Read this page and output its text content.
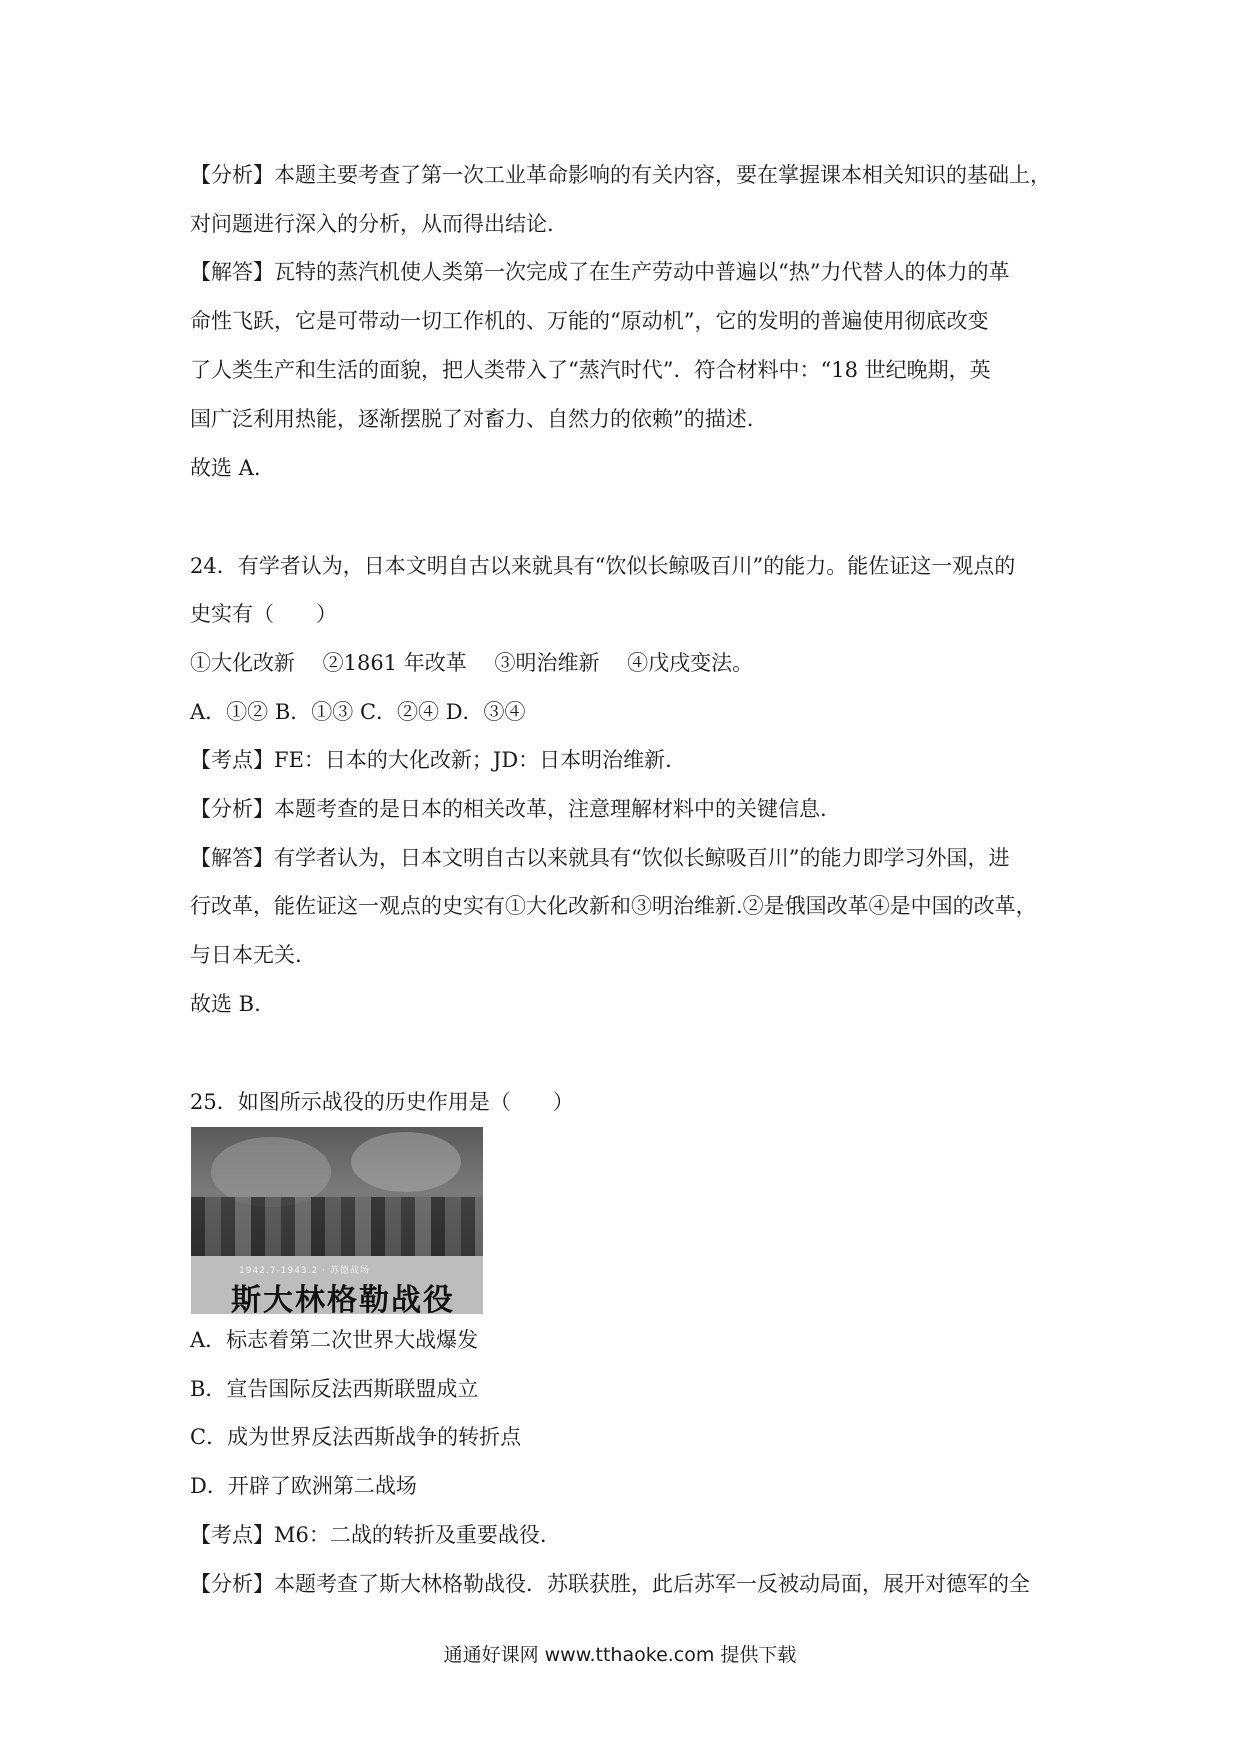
【分析】本题主要考查了第一次工业革命影响的有关内容，要在掌握课本相关知识的基础上，
对问题进行深入的分析，从而得出结论.
【解答】瓦特的蒸汽机使人类第一次完成了在生产劳动中普遍以“热”力代替人的体力的革
命性飞跃，它是可带动一切工作机的、万能的“原动机”，它的发明的普遍使用彻底改变
了人类生产和生活的面貌，把人类带入了“蒸汽时代”．符合材料中：“18 世纪晚期，英
国广泛利用热能，逐渐摆脱了对畜力、自然力的依赖”的描述.
故选 A.
24．有学者认为，日本文明自古以来就具有“饮似长鲸吸百川”的能力。能佐证这一观点的
史实有（　　）
①大化改新　 ②1861 年改革　 ③明治维新　 ④戊戌变法。
A．①② B．①③ C．②④ D．③④
【考点】FE：日本的大化改新；JD：日本明治维新.
【分析】本题考查的是日本的相关改革，注意理解材料中的关键信息.
【解答】有学者认为，日本文明自古以来就具有“饮似长鲸吸百川”的能力即学习外国，进
行改革，能佐证这一观点的史实有①大化改新和③明治维新.②是俄国改革④是中国的改革，
与日本无关.
故选 B.
25．如图所示战役的历史作用是（　　）
1942.7-1943.2 · 苏德战场
斯大林格勒战役
A．标志着第二次世界大战爆发
B．宣告国际反法西斯联盟成立
C．成为世界反法西斯战争的转折点
D．开辟了欧洲第二战场
【考点】M6：二战的转折及重要战役.
【分析】本题考查了斯大林格勒战役．苏联获胜，此后苏军一反被动局面，展开对德军的全
通通好课网 www.tthaoke.com 提供下载
